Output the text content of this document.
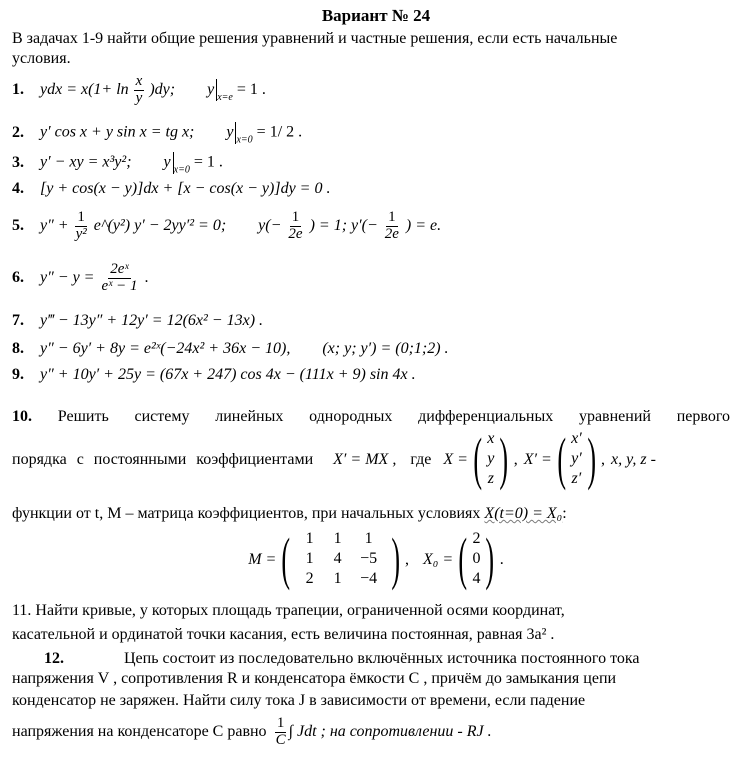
Вариант № 24
В задачах 1-9 найти общие решения уравнений и частные решения, если есть начальные
условия.
1. ydx = $x(1+ \ln \frac{x}{y} )dy$; y $_{x=e}$ = 1 .
2. y′ cos x + y sin x = tg x; y $_{x=0}$ = 1/ 2 .
3. y′ − xy = x³y²; y $_{x=0}$ = 1 .
4. [y + cos(x − y)]dx + [x − cos(x − y)]dy = 0 .
5. $y'' + \frac{1}{\text{y²}}$ e^(y²) y′ − 2yy′² = 0; $y(- \frac{1}{2e}$ ) = 1; $y'(- \frac{1}{2e}$ ) = e.
6. $y'' - y = \frac{\text{2eˣ}}{\text{eˣ − 1}}$ .
7. y‴ − 13y″ + 12y′ = 12(6x² − 13x) .
8. y″ − 6y′ + 8y = e²ˣ(−24x² + 36x − 10), (x; y; y′) = (0;1;2) .
9. y″ + 10y′ + 25y = (67x + 247) cos 4x − (111x + 9) sin 4x .
10. Решить систему линейных однородных дифференциальных уравнений первого
порядка с постоянными коэффициентами X′ = MX , где X = ( x
y
z ) , X′ = ( x′
y′
z′ ) , x, y, z -
функции от t, M – матрица коэффициентов, при начальных условиях X(t=0) = X₀:
M = ( 1	1	1
1	4	−5
2	1	−4 ) , X₀ = ( 2
0
4 ) .
11. Найти кривые, у которых площадь трапеции, ограниченной осями координат,
касательной и ординатой точки касания, есть величина постоянная, равная 3a² .
12.	Цепь состоит из последовательно включённых источника постоянного тока
напряжения V , сопротивления R и конденсатора ёмкости C , причём до замыкания цепи
конденсатор не заряжен. Найти силу тока J в зависимости от времени, если падение
напряжения на конденсаторе C равно $\frac{1}{C}$ ∫ Jdt ; на сопротивлении - RJ .
